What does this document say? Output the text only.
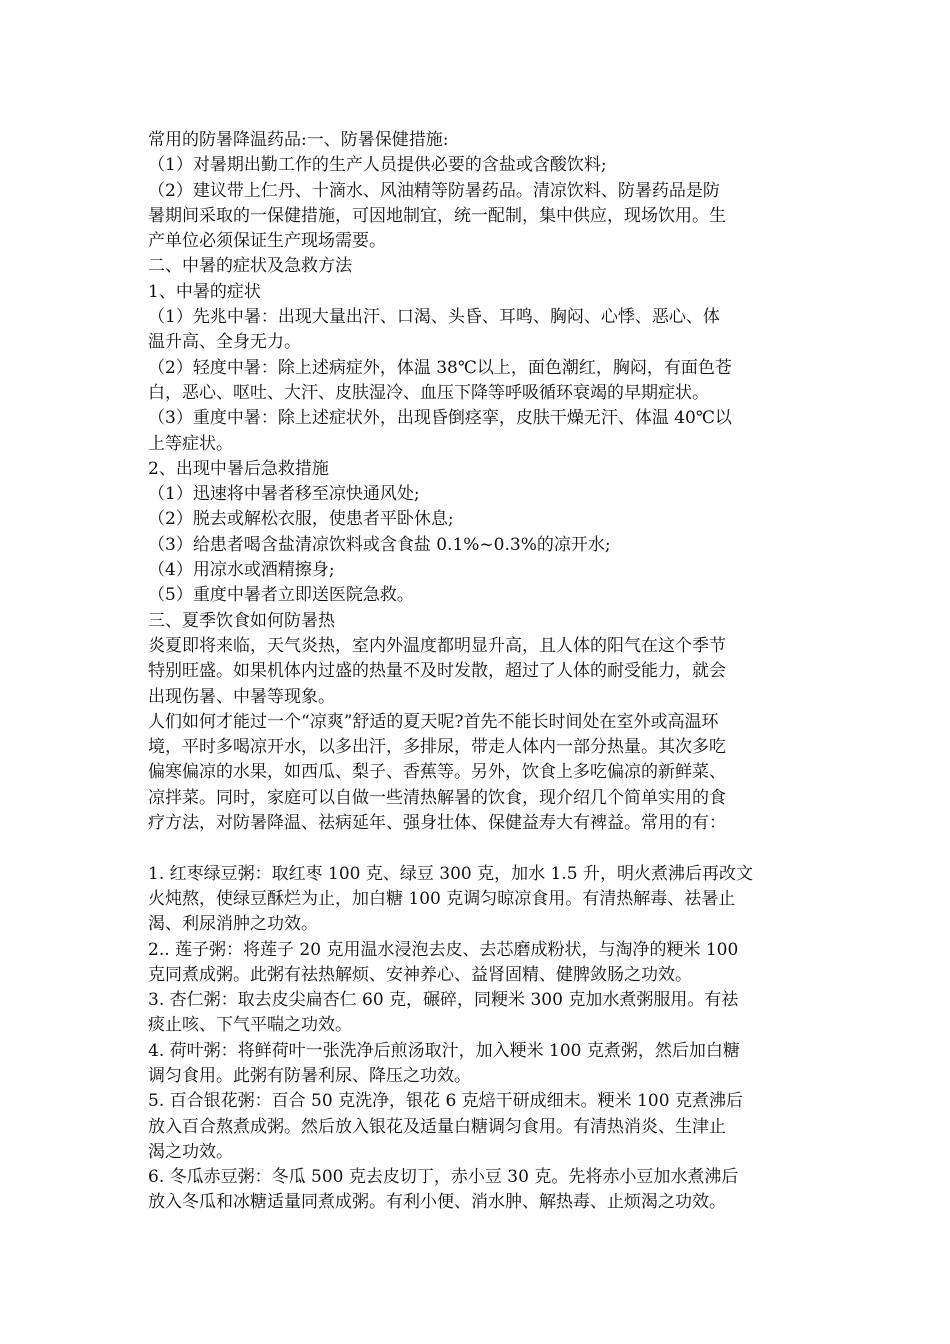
常用的防暑降温药品:一、防暑保健措施:
（1）对暑期出勤工作的生产人员提供必要的含盐或含酸饮料;
（2）建议带上仁丹、十滴水、风油精等防暑药品。清凉饮料、防暑药品是防
暑期间采取的一保健措施，可因地制宜，统一配制，集中供应，现场饮用。生
产单位必须保证生产现场需要。
二、中暑的症状及急救方法
1、中暑的症状
（1）先兆中暑：出现大量出汗、口渴、头昏、耳鸣、胸闷、心悸、恶心、体
温升高、全身无力。
（2）轻度中暑：除上述病症外，体温 38℃以上，面色潮红，胸闷，有面色苍
白，恶心、呕吐、大汗、皮肤湿冷、血压下降等呼吸循环衰竭的早期症状。
（3）重度中暑：除上述症状外，出现昏倒痉挛，皮肤干燥无汗、体温 40℃以
上等症状。
2、出现中暑后急救措施
（1）迅速将中暑者移至凉快通风处;
（2）脱去或解松衣服，使患者平卧休息;
（3）给患者喝含盐清凉饮料或含食盐 0.1%~0.3%的凉开水;
（4）用凉水或酒精擦身;
（5）重度中暑者立即送医院急救。
三、夏季饮食如何防暑热
炎夏即将来临，天气炎热，室内外温度都明显升高，且人体的阳气在这个季节
特别旺盛。如果机体内过盛的热量不及时发散，超过了人体的耐受能力，就会
出现伤暑、中暑等现象。
人们如何才能过一个“凉爽”舒适的夏天呢?首先不能长时间处在室外或高温环
境，平时多喝凉开水，以多出汗，多排尿，带走人体内一部分热量。其次多吃
偏寒偏凉的水果，如西瓜、梨子、香蕉等。另外，饮食上多吃偏凉的新鲜菜、
凉拌菜。同时，家庭可以自做一些清热解暑的饮食，现介绍几个简单实用的食
疗方法，对防暑降温、祛病延年、强身壮体、保健益寿大有裨益。常用的有：
1. 红枣绿豆粥：取红枣 100 克、绿豆 300 克，加水 1.5 升，明火煮沸后再改文
火炖熬，使绿豆酥烂为止，加白糖 100 克调匀晾凉食用。有清热解毒、祛暑止
渴、利尿消肿之功效。
2.. 莲子粥：将莲子 20 克用温水浸泡去皮、去芯磨成粉状，与淘净的粳米 100
克同煮成粥。此粥有祛热解烦、安神养心、益肾固精、健脾敛肠之功效。
3. 杏仁粥：取去皮尖扁杏仁 60 克，碾碎，同粳米 300 克加水煮粥服用。有祛
痰止咳、下气平喘之功效。
4. 荷叶粥：将鲜荷叶一张洗净后煎汤取汁，加入粳米 100 克煮粥，然后加白糖
调匀食用。此粥有防暑利尿、降压之功效。
5. 百合银花粥：百合 50 克洗净，银花 6 克焙干研成细末。粳米 100 克煮沸后
放入百合熬煮成粥。然后放入银花及适量白糖调匀食用。有清热消炎、生津止
渴之功效。
6. 冬瓜赤豆粥：冬瓜 500 克去皮切丁，赤小豆 30 克。先将赤小豆加水煮沸后
放入冬瓜和冰糖适量同煮成粥。有利小便、消水肿、解热毒、止烦渴之功效。
